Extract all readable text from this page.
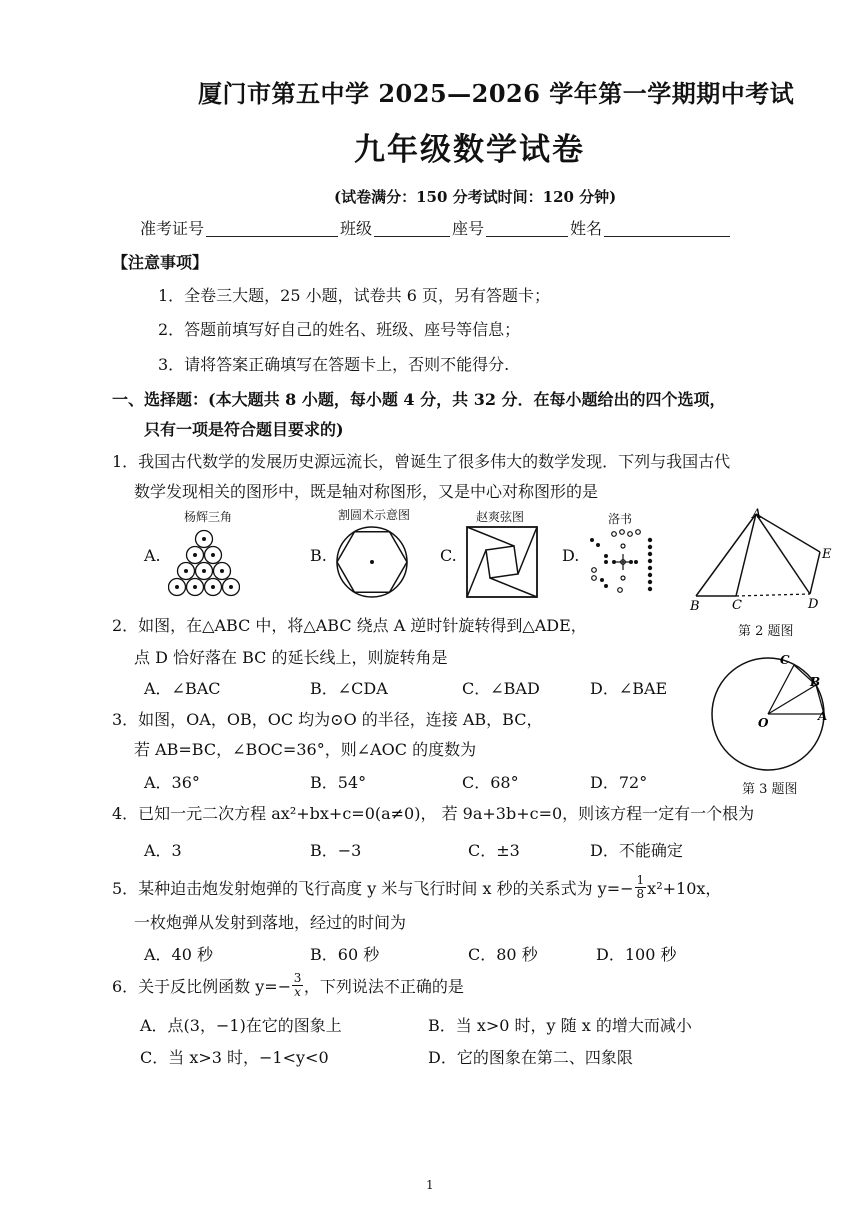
厦门市第五中学 2025—2026 学年第一学期期中考试
九年级数学试卷
(试卷满分：150 分考试时间：120 分钟)
准考证号	班级	座号	姓名
【注意事项】
1．全卷三大题，25 小题，试卷共 6 页，另有答题卡；
2．答题前填写好自己的姓名、班级、座号等信息；
3．请将答案正确填写在答题卡上，否则不能得分.
一、选择题：(本大题共 8 小题，每小题 4 分，共 32 分．在每小题给出的四个选项，
只有一项是符合题目要求的)
1．我国古代数学的发展历史源远流长，曾诞生了很多伟大的数学发现．下列与我国古代
数学发现相关的图形中，既是轴对称图形，又是中心对称图形的是
杨辉三角	割圆术示意图	赵爽弦图	洛书
A.	B.	C.	D.
A
B C	D
E
第 2 题图
2．如图，在△ABC 中，将△ABC 绕点 A 逆时针旋转得到△ADE，
点 D 恰好落在 BC 的延长线上，则旋转角是
A．∠BAC	B．∠CDA	C．∠BAD	D．∠BAE
O	A
B
C
第 3 题图
3．如图，OA，OB，OC 均为⊙O 的半径，连接 AB，BC，
若 AB=BC，∠BOC=36°，则∠AOC 的度数为
A．36°	B．54°	C．68°	D．72°
4．已知一元二次方程 ax²+bx+c=0(a≠0)， 若 9a+3b+c=0，则该方程一定有一个根为
A．3	B．−3	C．±3	D．不能确定
5．某种迫击炮发射炮弹的飞行高度 y 米与飞行时间 x 秒的关系式为 $y=- \frac{1}{8} x^2+10x$，
一枚炮弹从发射到落地，经过的时间为
A．40 秒	B．60 秒	C．80 秒	D．100 秒
6．关于反比例函数 $y=- \frac{3}{x}$ ，下列说法不正确的是
A．点(3，−1)在它的图象上	B．当 x>0 时，y 随 x 的增大而减小
C．当 x>3 时，−1<y<0	D．它的图象在第二、四象限
1
